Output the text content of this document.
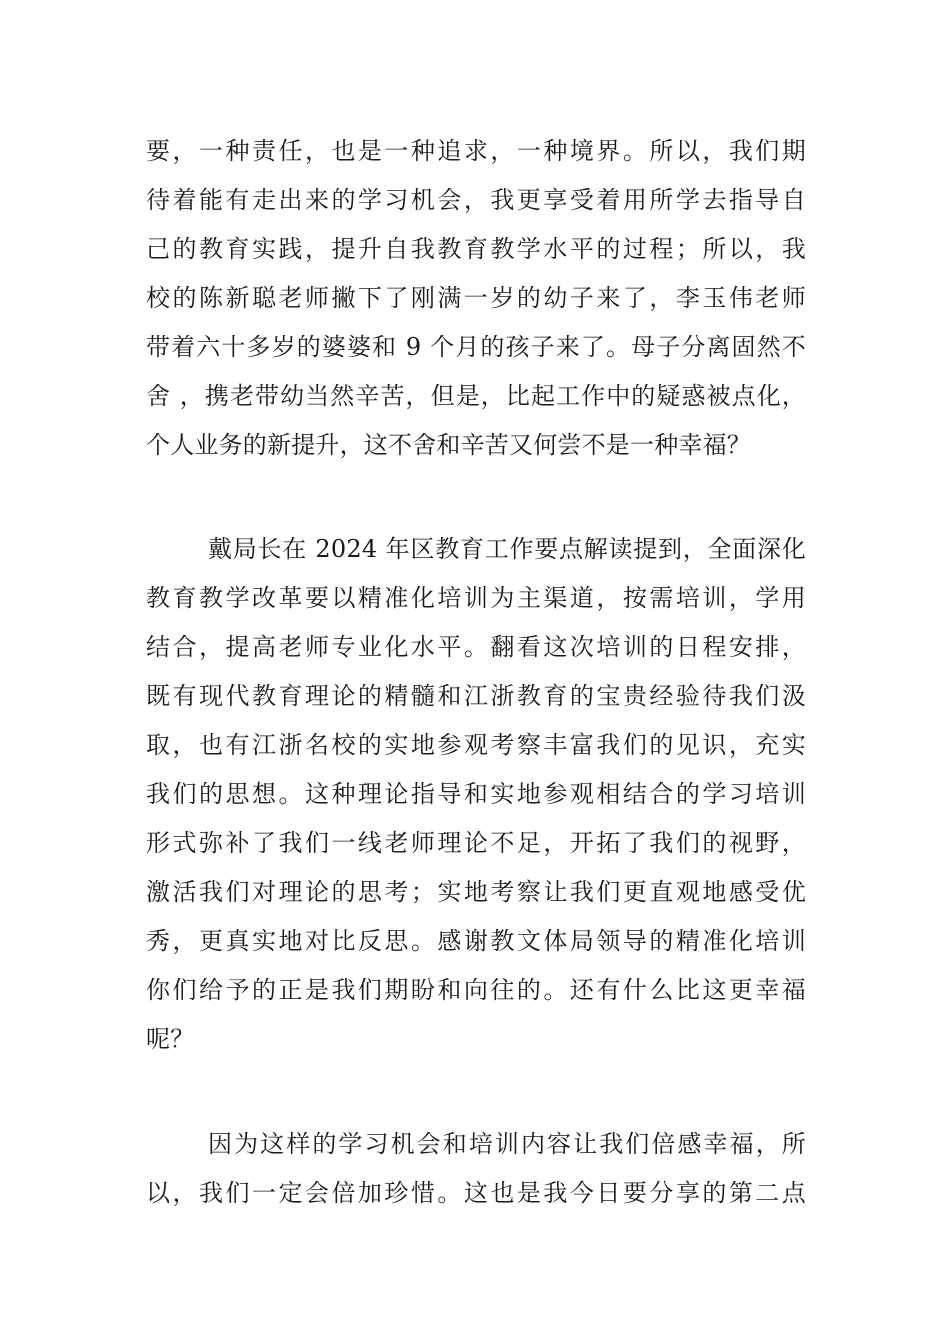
要，一种责任，也是一种追求，一种境界。所以，我们期
待着能有走出来的学习机会，我更享受着用所学去指导自
己的教育实践，提升自我教育教学水平的过程；所以，我
校的陈新聪老师撇下了刚满一岁的幼子来了，李玉伟老师
带着六十多岁的婆婆和 9 个月的孩子来了。母子分离固然不
舍 ，携老带幼当然辛苦，但是，比起工作中的疑惑被点化，
个人业务的新提升，这不舍和辛苦又何尝不是一种幸福？
戴局长在 2024 年区教育工作要点解读提到，全面深化
教育教学改革要以精准化培训为主渠道，按需培训，学用
结合，提高老师专业化水平。翻看这次培训的日程安排，
既有现代教育理论的精髓和江浙教育的宝贵经验待我们汲
取，也有江浙名校的实地参观考察丰富我们的见识，充实
我们的思想。这种理论指导和实地参观相结合的学习培训
形式弥补了我们一线老师理论不足，开拓了我们的视野，
激活我们对理论的思考；实地考察让我们更直观地感受优
秀，更真实地对比反思。感谢教文体局领导的精准化培训
你们给予的正是我们期盼和向往的。还有什么比这更幸福
呢？
因为这样的学习机会和培训内容让我们倍感幸福，所
以，我们一定会倍加珍惜。这也是我今日要分享的第二点
